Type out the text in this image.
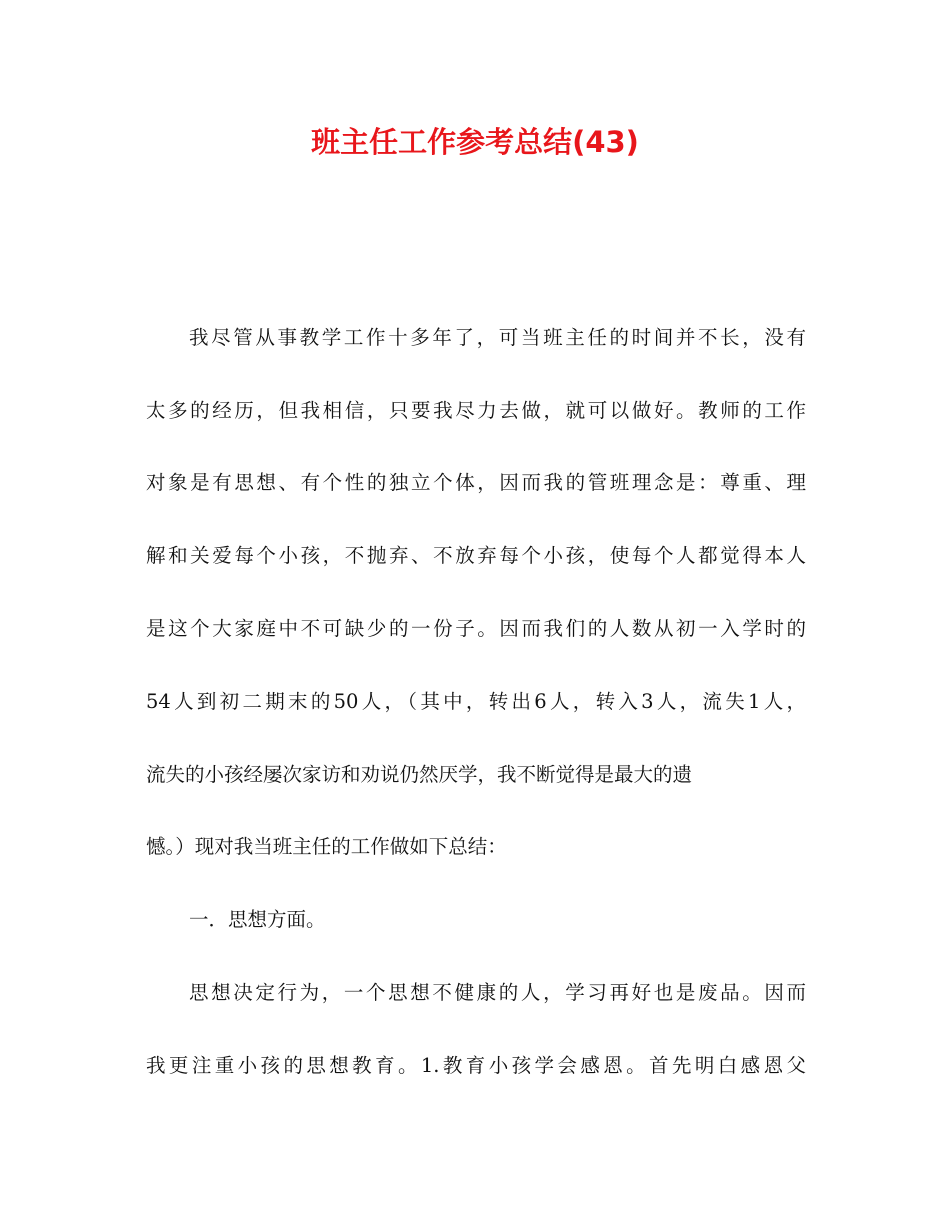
班主任工作参考总结(43)

我尽管从事教学工作十多年了，可当班主任的时间并不长，没有

太多的经历，但我相信，只要我尽力去做，就可以做好。教师的工作

对象是有思想、有个性的独立个体，因而我的管班理念是：尊重、理

解和关爱每个小孩，不抛弃、不放弃每个小孩，使每个人都觉得本人

是这个大家庭中不可缺少的一份子。因而我们的人数从初一入学时的

54人到初二期末的50人，（其中，转出6人，转入3人，流失1人，

流失的小孩经屡次家访和劝说仍然厌学，我不断觉得是最大的遗

憾。）现对我当班主任的工作做如下总结：

一．思想方面。

思想决定行为，一个思想不健康的人，学习再好也是废品。因而

我更注重小孩的思想教育。1.教育小孩学会感恩。首先明白感恩父
